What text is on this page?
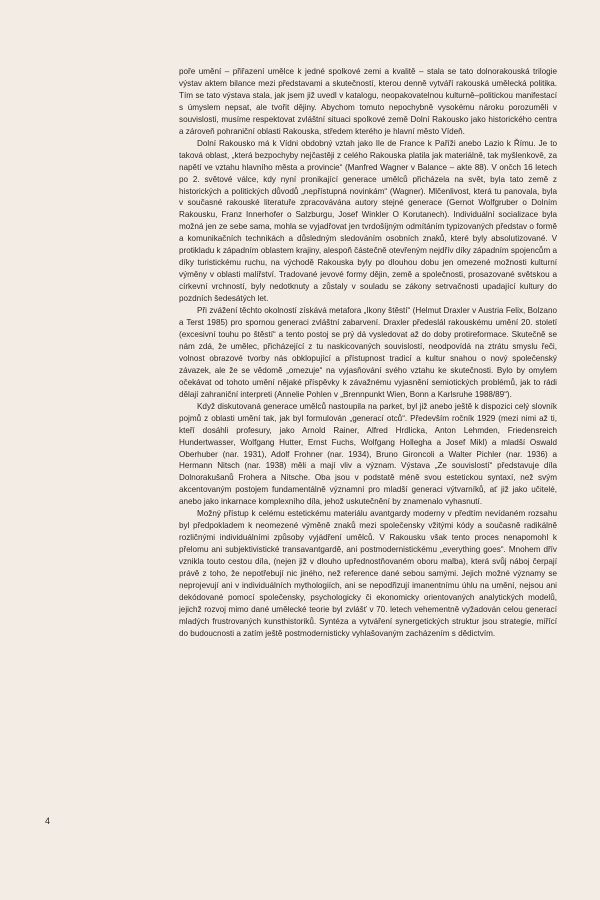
poře umění – přiřazení umělce k jedné spolkové zemi a kvalitě – stala se tato dolnorakouská trilogie výstav aktem bilance mezi představami a skutečností, kterou denně vytváří rakouská umělecká politika. Tím se tato výstava stala, jak jsem již uvedl v katalogu, neopakovatelnou kulturně–politickou manifestací s úmyslem nepsat, ale tvořit dějiny. Abychom tomuto nepochybně vysokému nároku porozuměli v souvislosti, musíme respektovat zvláštní situaci spolkové země Dolní Rakousko jako historického centra a zároveň pohraniční oblasti Rakouska, středem kterého je hlavní město Vídeň.

Dolní Rakousko má k Vídni obdobný vztah jako Ile de France k Paříži anebo Lazio k Římu. Je to taková oblast, „která bezpochyby nejčastěji z celého Rakouska platila jak materiálně, tak myšlenkově, za napětí ve vztahu hlavního města a provincie“ (Manfred Wagner v Balance – akte 88). V ončch 16 letech po 2. světové válce, kdy nyní pronikající generace umělců přicházela na svět, byla tato země z historických a politických důvodů „nepřístupná novinkám“ (Wagner). Mlčenlivost, která tu panovala, byla v současné rakouské literatuře zpracovávána autory stejné generace (Gernot Wolfgruber o Dolním Rakousku, Franz Innerhofer o Salzburgu, Josef Winkler O Korutanech). Individuální socializace byla možná jen ze sebe sama, mohla se vyjadřovat jen tvrdošíjným odmítáním typizovaných představ o formě a komunikačních technikách a důsledným sledováním osobních znaků, které byly absolutizované. V protikladu k západním oblastem krajiny, alespoň částečně otevřeným nejdřív díky západním spojencům a díky turistickému ruchu, na východě Rakouska byly po dlouhou dobu jen omezené možnosti kulturní výměny v oblasti malířství. Tradované jevové formy dějin, země a společnosti, prosazované světskou a církevní vrchností, byly nedotknuty a zůstaly v souladu se zákony setrvačnosti upadající kultury do pozdních šedesátých let.

Při zvážení těchto okolností získává metafora „Ikony štěstí“ (Helmut Draxler v Austria Felix, Bolzano a Terst 1985) pro spornou generaci zvláštní zabarvení. Draxler předeslál rakouskému umění 20. století (excesivní touhu po štěstí“ a tento postoj se prý dá vysledovat až do doby protireformace. Skutečně se nám zdá, že umělec, přicházející z tu naskicovaných souvislostí, neodpovídá na ztrátu smyslu řeči, volnost obrazové tvorby nás obklopující a přístupnost tradicí a kultur snahou o nový společenský závazek, ale že se vědomě „omezuje“ na vyjasňování svého vztahu ke skutečnosti. Bylo by omylem očekávat od tohoto umění nějaké příspěvky k závažnému vyjasnění semiotických problémů, jak to rádi dělají zahraniční interpreti (Annelie Pohlen v „Brennpunkt Wien, Bonn a Karlsruhe 1988/89“).

Když diskutovaná generace umělců nastoupila na parket, byl již anebo ještě k dispozici celý slovník pojmů z oblasti umění tak, jak byl formulován „generací otců“. Především ročník 1929 (mezi nimi až ti, kteří dosáhli profesury, jako Arnold Rainer, Alfred Hrdlicka, Anton Lehmden, Friedensreich Hundertwasser, Wolfgang Hutter, Ernst Fuchs, Wolfgang Hollegha a Josef Mikl) a mladší Oswald Oberhuber (nar. 1931), Adolf Frohner (nar. 1934), Bruno Gironcoli a Walter Pichler (nar. 1936) a Hermann Nitsch (nar. 1938) měli a mají vliv a význam. Výstava „Ze souvislostí“ představuje díla Dolnorakušanů Frohera a Nitsche. Oba jsou v podstatě méně svou estetickou syntaxí, než svým akcentovaným postojem fundamentálně významní pro mladší generaci výtvarníků, ať již jako učitelé, anebo jako inkarnace komplexního díla, jehož uskutečnění by znamenalo vyhasnutí.

Možný přístup k celému estetickému materiálu avantgardy moderny v předtím nevídaném rozsahu byl předpokladem k neomezené výměně znaků mezi společensky vžitými kódy a současně radikálně rozličnými individuálními způsoby vyjádření umělců. V Rakousku však tento proces nenapomohl k přelomu ani subjektivistické transavantgardě, ani postmodernistickému „everything goes“. Mnohem dřív vznikla touto cestou díla, (nejen již v dlouho upřednostňovaném oboru malba), která svůj náboj čerpají právě z toho, že nepotřebují nic jiného, než reference dané sebou samými. Jejich možné významy se neprojevují ani v individuálních mythologiích, ani se nepodřizují imanentnímu úhlu na umění, nejsou ani dekódované pomocí společensky, psychologicky či ekonomicky orientovaných analytických modelů, jejichž rozvoj mimo dané umělecké teorie byl zvlášť v 70. letech vehementně vyžadován celou generací mladých frustrovaných kunsthistoriků. Syntéza a vytváření synergetických struktur jsou strategie, mířící do budoucnosti a zatím ještě postmodernisticky vyhlašovaným zacházením s dědictvím.

4
